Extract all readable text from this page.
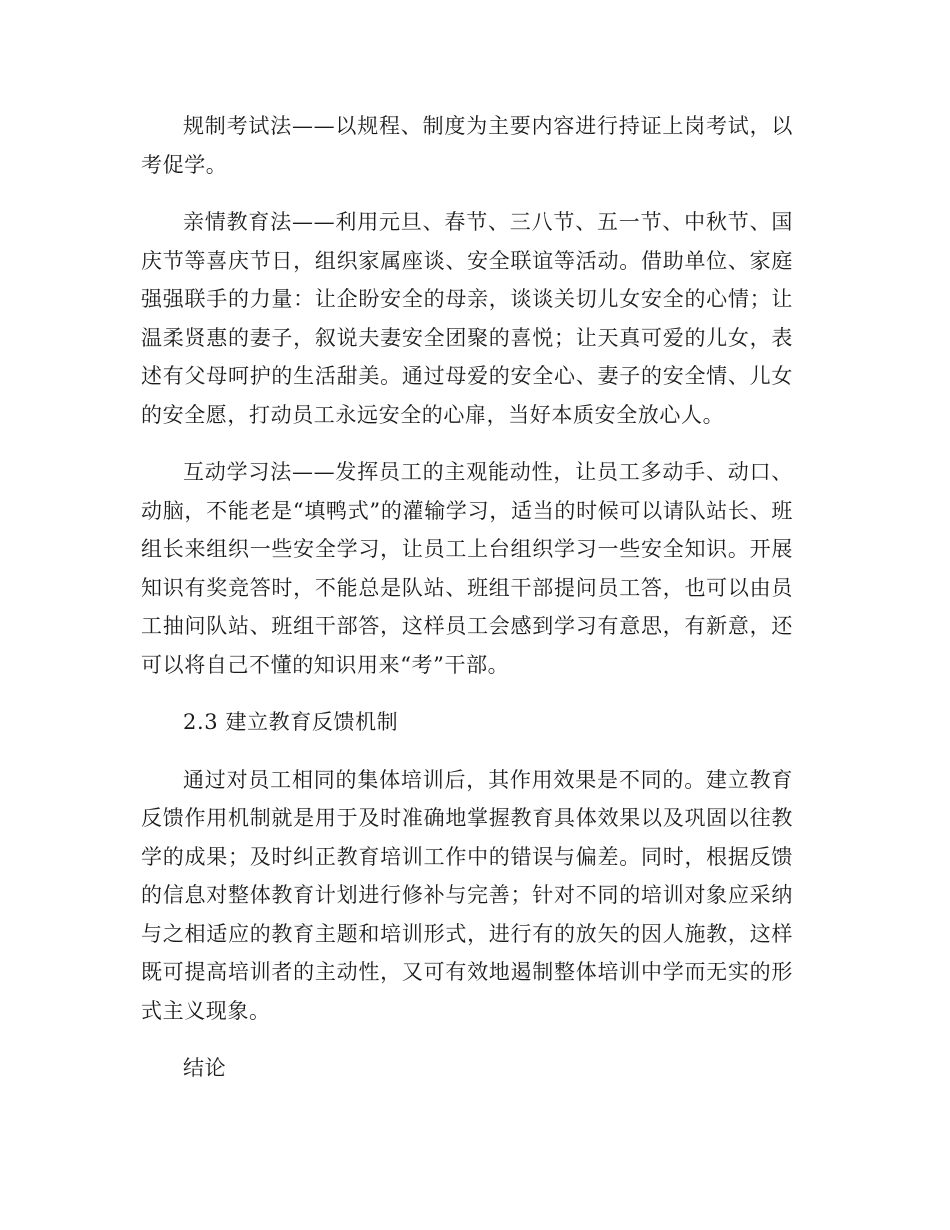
规制考试法——以规程、制度为主要内容进行持证上岗考试，以考促学。

亲情教育法——利用元旦、春节、三八节、五一节、中秋节、国庆节等喜庆节日，组织家属座谈、安全联谊等活动。借助单位、家庭强强联手的力量：让企盼安全的母亲，谈谈关切儿女安全的心情；让温柔贤惠的妻子，叙说夫妻安全团聚的喜悦；让天真可爱的儿女，表述有父母呵护的生活甜美。通过母爱的安全心、妻子的安全情、儿女的安全愿，打动员工永远安全的心扉，当好本质安全放心人。

互动学习法——发挥员工的主观能动性，让员工多动手、动口、动脑，不能老是“填鸭式”的灌输学习，适当的时候可以请队站长、班组长来组织一些安全学习，让员工上台组织学习一些安全知识。开展知识有奖竞答时，不能总是队站、班组干部提问员工答，也可以由员工抽问队站、班组干部答，这样员工会感到学习有意思，有新意，还可以将自己不懂的知识用来“考”干部。

2.3 建立教育反馈机制

通过对员工相同的集体培训后，其作用效果是不同的。建立教育反馈作用机制就是用于及时准确地掌握教育具体效果以及巩固以往教学的成果；及时纠正教育培训工作中的错误与偏差。同时，根据反馈的信息对整体教育计划进行修补与完善；针对不同的培训对象应采纳与之相适应的教育主题和培训形式，进行有的放矢的因人施教，这样既可提高培训者的主动性，又可有效地遏制整体培训中学而无实的形式主义现象。

结论
